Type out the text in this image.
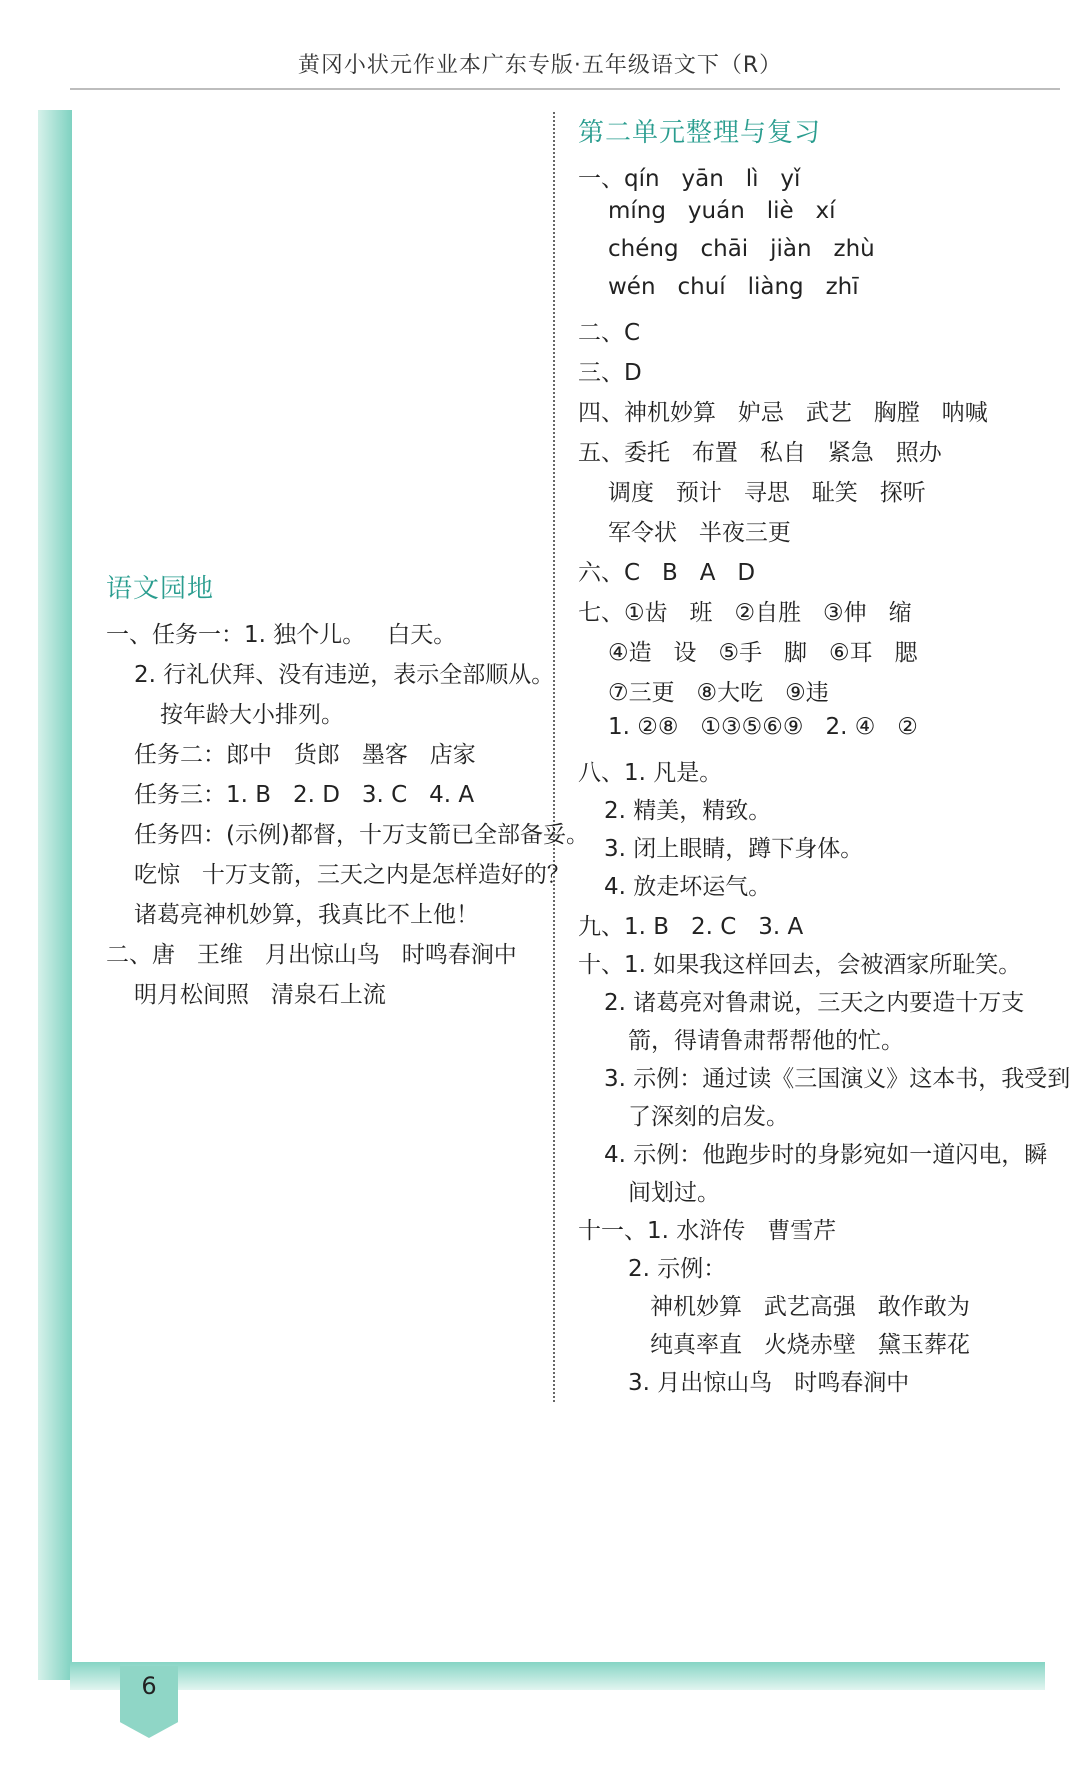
黄冈小状元作业本广东专版·五年级语文下（R）
语文园地
一、任务一：1. 独个儿。   白天。
2. 行礼伏拜、没有违逆，表示全部顺从。
按年龄大小排列。
任务二：郎中   货郎   墨客   店家
任务三：1. B   2. D   3. C   4. A
任务四：(示例)都督，十万支箭已全部备妥。
吃惊   十万支箭，三天之内是怎样造好的？
诸葛亮神机妙算，我真比不上他！
二、唐   王维   月出惊山鸟   时鸣春涧中
明月松间照   清泉石上流
第二单元整理与复习
一、qín   yān   lì   yǐ
míng   yuán   liè   xí
chéng   chāi   jiàn   zhù
wén   chuí   liàng   zhī
二、C
三、D
四、神机妙算   妒忌   武艺   胸膛   呐喊
五、委托   布置   私自   紧急   照办
调度   预计   寻思   耻笑   探听
军令状   半夜三更
六、C   B   A   D
七、①齿   班   ②自胜   ③伸   缩
④造   设   ⑤手   脚   ⑥耳   腮
⑦三更   ⑧大吃   ⑨违
1. ②⑧   ①③⑤⑥⑨   2. ④   ②
八、1. 凡是。
2. 精美，精致。
3. 闭上眼睛，蹲下身体。
4. 放走坏运气。
九、1. B   2. C   3. A
十、1. 如果我这样回去，会被酒家所耻笑。
2. 诸葛亮对鲁肃说，三天之内要造十万支
箭，得请鲁肃帮帮他的忙。
3. 示例：通过读《三国演义》这本书，我受到
了深刻的启发。
4. 示例：他跑步时的身影宛如一道闪电，瞬
间划过。
十一、1. 水浒传   曹雪芹
2. 示例：
神机妙算   武艺高强   敢作敢为
纯真率直   火烧赤壁   黛玉葬花
3. 月出惊山鸟   时鸣春涧中
6
